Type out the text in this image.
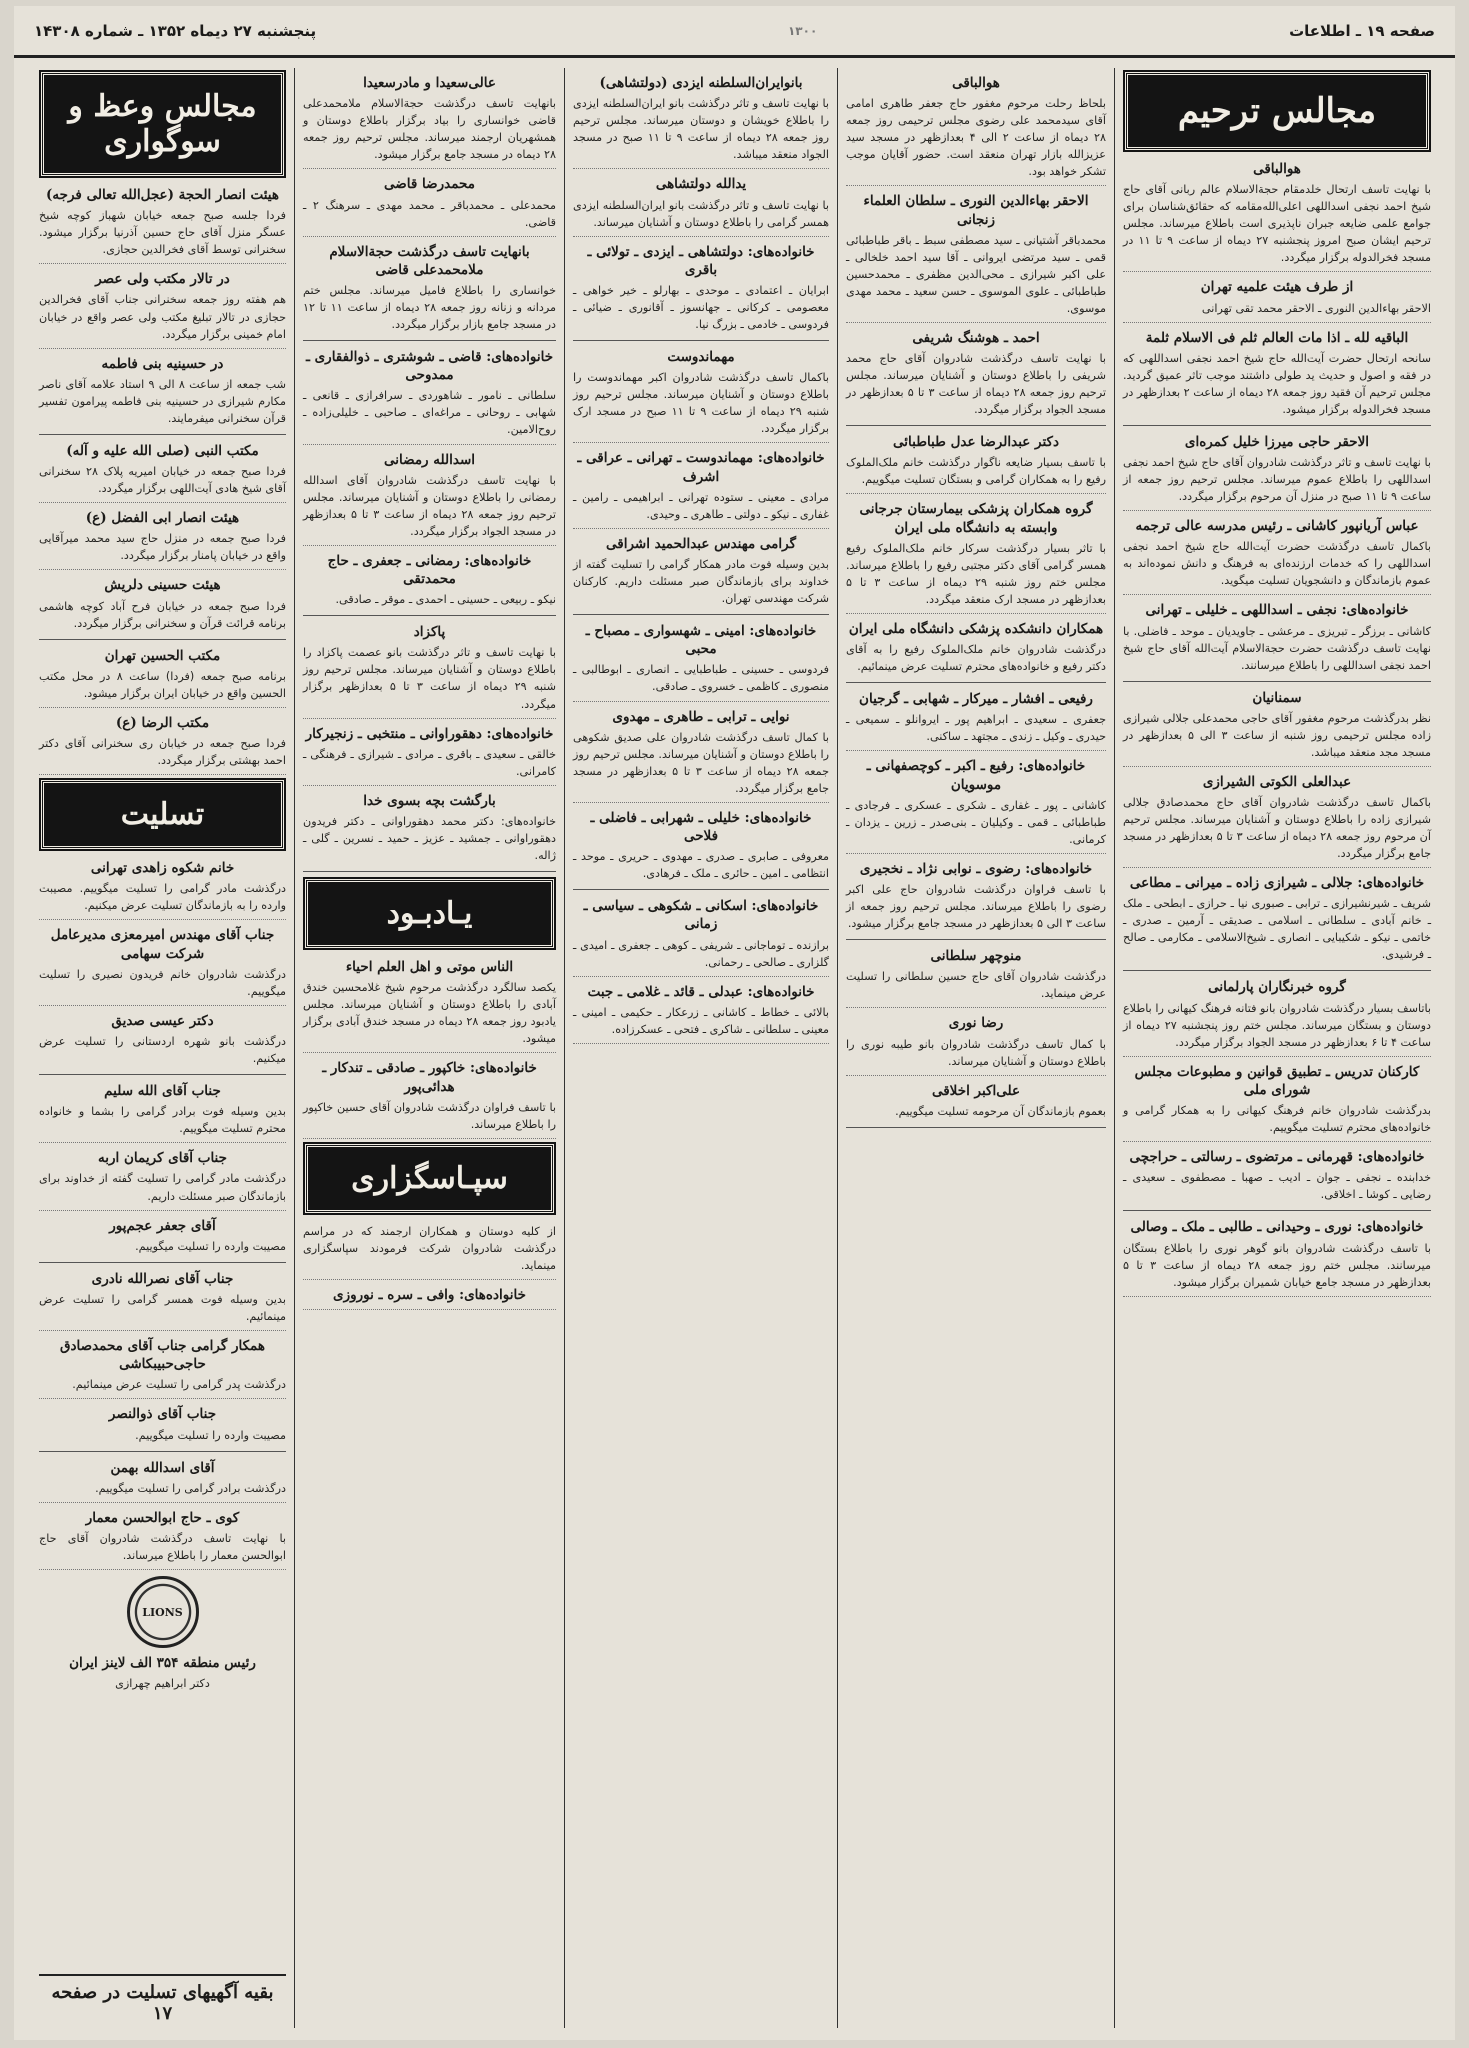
صفحه ۱۹ ـ اطلاعات
۱۳۰۰
پنجشنبه ۲۷ دیماه ۱۳۵۲ ـ شماره ۱۴۳۰۸
مجالس ترحیم
هوالباقی
با نهایت تاسف ارتحال خلدمقام حجةالاسلام عالم ربانی آقای حاج شیخ احمد نجفی اسداللهی اعلی‌الله‌مقامه که حقائق‌شناسان برای جوامع علمی ضایعه جبران ناپذیری است باطلاع میرساند. مجلس ترحیم ایشان صبح امروز پنجشنبه ۲۷ دیماه از ساعت ۹ تا ۱۱ در مسجد فخرالدوله برگزار میگردد.
از طرف هیئت علمیه تهران
الاحقر بهاءالدین النوری ـ الاحقر محمد تقی تهرانی
الباقیه لله ـ اذا مات العالم ثلم فی الاسلام ثلمة
سانحه ارتحال حضرت آیت‌الله حاج شیخ احمد نجفی اسداللهی که در فقه و اصول و حدیث ید طولی داشتند موجب تاثر عمیق گردید. مجلس ترحیم آن فقید روز جمعه ۲۸ دیماه از ساعت ۲ بعدازظهر در مسجد فخرالدوله برگزار میشود.
الاحقر حاجی میرزا خلیل کمره‌ای
با نهایت تاسف و تاثر درگذشت شادروان آقای حاج شیخ احمد نجفی اسداللهی را باطلاع عموم میرساند. مجلس ترحیم روز جمعه از ساعت ۹ تا ۱۱ صبح در منزل آن مرحوم برگزار میگردد.
عباس آریانپور کاشانی ـ رئیس مدرسه عالی ترجمه
باکمال تاسف درگذشت حضرت آیت‌الله حاج شیخ احمد نجفی اسداللهی را که خدمات ارزنده‌ای به فرهنگ و دانش نموده‌اند به عموم بازماندگان و دانشجویان تسلیت میگوید.
خانواده‌های: نجفی ـ اسداللهی ـ خلیلی ـ تهرانی
کاشانی ـ برزگر ـ تبریزی ـ مرعشی ـ جاویدیان ـ موحد ـ فاضلی. با نهایت تاسف درگذشت حضرت حجةالاسلام آیت‌الله آقای حاج شیخ احمد نجفی اسداللهی را باطلاع میرسانند.
سمنانیان
نظر بدرگذشت مرحوم مغفور آقای حاجی محمدعلی جلالی شیرازی زاده مجلس ترحیمی روز شنبه از ساعت ۳ الی ۵ بعدازظهر در مسجد مجد منعقد میباشد.
عبدالعلی الکوتی الشیرازی
باکمال تاسف درگذشت شادروان آقای حاج محمدصادق جلالی شیرازی زاده را باطلاع دوستان و آشنایان میرساند. مجلس ترحیم آن مرحوم روز جمعه ۲۸ دیماه از ساعت ۳ تا ۵ بعدازظهر در مسجد جامع برگزار میگردد.
خانواده‌های: جلالی ـ شیرازی زاده ـ میرانی ـ مطاعی
شریف ـ شیرنشیرازی ـ ترابی ـ صبوری نیا ـ حرازی ـ ابطحی ـ ملک ـ خانم آبادی ـ سلطانی ـ اسلامی ـ صدیقی ـ آرمین ـ صدری ـ خاتمی ـ نیکو ـ شکیبایی ـ انصاری ـ شیخ‌الاسلامی ـ مکارمی ـ صالح ـ فرشیدی.
گروه خبرنگاران پارلمانی
باتاسف بسیار درگذشت شادروان بانو فتانه فرهنگ کیهانی را باطلاع دوستان و بستگان میرساند. مجلس ختم روز پنجشنبه ۲۷ دیماه از ساعت ۴ تا ۶ بعدازظهر در مسجد الجواد برگزار میگردد.
کارکنان تدریس ـ تطبیق قوانین و مطبوعات مجلس شورای ملی
بدرگذشت شادروان خانم فرهنگ کیهانی را به همکار گرامی و خانواده‌های محترم تسلیت میگوییم.
خانواده‌های: قهرمانی ـ مرتضوی ـ رسالتی ـ حراجچی
خدابنده ـ نجفی ـ جوان ـ ادیب ـ صهبا ـ مصطفوی ـ سعیدی ـ رضایی ـ کوشا ـ اخلاقی.
خانواده‌های: نوری ـ وحیدانی ـ طالبی ـ ملک ـ وصالی
با تاسف درگذشت شادروان بانو گوهر نوری را باطلاع بستگان میرسانند. مجلس ختم روز جمعه ۲۸ دیماه از ساعت ۳ تا ۵ بعدازظهر در مسجد جامع خیابان شمیران برگزار میشود.
هوالباقی
بلحاظ رحلت مرحوم مغفور حاج جعفر طاهری امامی آقای سیدمحمد علی رضوی مجلس ترحیمی روز جمعه ۲۸ دیماه از ساعت ۲ الی ۴ بعدازظهر در مسجد سید عزیزالله بازار تهران منعقد است. حضور آقایان موجب تشکر خواهد بود.
الاحقر بهاءالدین النوری ـ سلطان العلماء زنجانی
محمدباقر آشتیانی ـ سید مصطفی سبط ـ باقر طباطبائی قمی ـ سید مرتضی ایروانی ـ آقا سید احمد خلخالی ـ علی اکبر شیرازی ـ محی‌الدین مظفری ـ محمدحسین طباطبائی ـ علوی الموسوی ـ حسن سعید ـ محمد مهدی موسوی.
احمد ـ هوشنگ شریفی
با نهایت تاسف درگذشت شادروان آقای حاج محمد شریفی را باطلاع دوستان و آشنایان میرساند. مجلس ترحیم روز جمعه ۲۸ دیماه از ساعت ۳ تا ۵ بعدازظهر در مسجد الجواد برگزار میگردد.
دکتر عبدالرضا عدل طباطبائی
با تاسف بسیار ضایعه ناگوار درگذشت خانم ملک‌الملوک رفیع را به همکاران گرامی و بستگان تسلیت میگوییم.
گروه همکاران پزشکی بیمارستان جرجانی وابسته به دانشگاه ملی ایران
با تاثر بسیار درگذشت سرکار خانم ملک‌الملوک رفیع همسر گرامی آقای دکتر مجتبی رفیع را باطلاع میرساند. مجلس ختم روز شنبه ۲۹ دیماه از ساعت ۳ تا ۵ بعدازظهر در مسجد ارک منعقد میگردد.
همکاران دانشکده پزشکی دانشگاه ملی ایران
درگذشت شادروان خانم ملک‌الملوک رفیع را به آقای دکتر رفیع و خانواده‌های محترم تسلیت عرض مینمائیم.
رفیعی ـ افشار ـ میرکار ـ شهابی ـ گرجیان
جعفری ـ سعیدی ـ ابراهیم پور ـ ایروانلو ـ سمیعی ـ حیدری ـ وکیل ـ زندی ـ مجتهد ـ ساکنی.
خانواده‌های: رفیع ـ اکبر ـ کوچصفهانی ـ موسویان
کاشانی ـ پور ـ غفاری ـ شکری ـ عسکری ـ فرجادی ـ طباطبائی ـ قمی ـ وکیلیان ـ بنی‌صدر ـ زرین ـ یزدان ـ کرمانی.
خانواده‌های: رضوی ـ نوابی نژاد ـ نخجیری
با تاسف فراوان درگذشت شادروان حاج علی اکبر رضوی را باطلاع میرساند. مجلس ترحیم روز جمعه از ساعت ۳ الی ۵ بعدازظهر در مسجد جامع برگزار میشود.
منوچهر سلطانی
درگذشت شادروان آقای حاج حسین سلطانی را تسلیت عرض مینماید.
رضا نوری
با کمال تاسف درگذشت شادروان بانو طیبه نوری را باطلاع دوستان و آشنایان میرساند.
علی‌اکبر اخلاقی
بعموم بازماندگان آن مرحومه تسلیت میگوییم.
بانوایران‌السلطنه ایزدی (دولتشاهی)
با نهایت تاسف و تاثر درگذشت بانو ایران‌السلطنه ایزدی را باطلاع خویشان و دوستان میرساند. مجلس ترحیم روز جمعه ۲۸ دیماه از ساعت ۹ تا ۱۱ صبح در مسجد الجواد منعقد میباشد.
یدالله دولتشاهی
با نهایت تاسف و تاثر درگذشت بانو ایران‌السلطنه ایزدی همسر گرامی را باطلاع دوستان و آشنایان میرساند.
خانواده‌های: دولتشاهی ـ ایزدی ـ تولائی ـ باقری
ابرایان ـ اعتمادی ـ موحدی ـ بهارلو ـ خیر خواهی ـ معصومی ـ کرکانی ـ جهانسوز ـ آقانوری ـ ضیائی ـ فردوسی ـ خادمی ـ بزرگ نیا.
مهماندوست
باکمال تاسف درگذشت شادروان اکبر مهماندوست را باطلاع دوستان و آشنایان میرساند. مجلس ترحیم روز شنبه ۲۹ دیماه از ساعت ۹ تا ۱۱ صبح در مسجد ارک برگزار میگردد.
خانواده‌های: مهماندوست ـ تهرانی ـ عراقی ـ اشرف
مرادی ـ معینی ـ ستوده تهرانی ـ ابراهیمی ـ رامین ـ غفاری ـ نیکو ـ دولتی ـ طاهری ـ وحیدی.
گرامی مهندس عبدالحمید اشراقی
بدین وسیله فوت مادر همکار گرامی را تسلیت گفته از خداوند برای بازماندگان صبر مسئلت داریم. کارکنان شرکت مهندسی تهران.
خانواده‌های: امینی ـ شهسواری ـ مصباح ـ محبی
فردوسی ـ حسینی ـ طباطبایی ـ انصاری ـ ابوطالبی ـ منصوری ـ کاظمی ـ خسروی ـ صادقی.
نوایی ـ ترابی ـ طاهری ـ مهدوی
با کمال تاسف درگذشت شادروان علی صدیق شکوهی را باطلاع دوستان و آشنایان میرساند. مجلس ترحیم روز جمعه ۲۸ دیماه از ساعت ۳ تا ۵ بعدازظهر در مسجد جامع برگزار میگردد.
خانواده‌های: خلیلی ـ شهرابی ـ فاضلی ـ فلاحی
معروفی ـ صابری ـ صدری ـ مهدوی ـ حریری ـ موحد ـ انتظامی ـ امین ـ حائری ـ ملک ـ فرهادی.
خانواده‌های: اسکانی ـ شکوهی ـ سیاسی ـ زمانی
برازنده ـ توماجانی ـ شریفی ـ کوهی ـ جعفری ـ امیدی ـ گلزاری ـ صالحی ـ رحمانی.
خانواده‌های: عبدلی ـ قائد ـ غلامی ـ جبت
بالائی ـ خطاط ـ کاشانی ـ زرعکار ـ حکیمی ـ امینی ـ معینی ـ سلطانی ـ شاکری ـ فتحی ـ عسکرزاده.
عالی‌سعیدا و مادرسعیدا
بانهایت تاسف درگذشت حجةالاسلام ملامحمدعلی قاضی خوانساری را بیاد برگزار باطلاع دوستان و همشهریان ارجمند میرساند. مجلس ترحیم روز جمعه ۲۸ دیماه در مسجد جامع برگزار میشود.
محمدرضا قاضی
محمدعلی ـ محمدباقر ـ محمد مهدی ـ سرهنگ ۲ ـ قاضی.
بانهایت تاسف درگذشت حجةالاسلام ملامحمدعلی قاضی
خوانساری را باطلاع فامیل میرساند. مجلس ختم مردانه و زنانه روز جمعه ۲۸ دیماه از ساعت ۱۱ تا ۱۲ در مسجد جامع بازار برگزار میگردد.
خانواده‌های: قاضی ـ شوشتری ـ ذوالفقاری ـ ممدوحی
سلطانی ـ نامور ـ شاهوردی ـ سرافرازی ـ قانعی ـ شهابی ـ روحانی ـ مراغه‌ای ـ صاحبی ـ خلیلی‌زاده ـ روح‌الامین.
اسدالله رمضانی
با نهایت تاسف درگذشت شادروان آقای اسدالله رمضانی را باطلاع دوستان و آشنایان میرساند. مجلس ترحیم روز جمعه ۲۸ دیماه از ساعت ۳ تا ۵ بعدازظهر در مسجد الجواد برگزار میگردد.
خانواده‌های: رمضانی ـ جعفری ـ حاج محمدتقی
نیکو ـ ربیعی ـ حسینی ـ احمدی ـ موقر ـ صادقی.
پاکزاد
با نهایت تاسف و تاثر درگذشت بانو عصمت پاکزاد را باطلاع دوستان و آشنایان میرساند. مجلس ترحیم روز شنبه ۲۹ دیماه از ساعت ۳ تا ۵ بعدازظهر برگزار میگردد.
خانواده‌های: دهقوراوانی ـ منتخبی ـ زنجیرکار
خالقی ـ سعیدی ـ باقری ـ مرادی ـ شیرازی ـ فرهنگی ـ کامرانی.
بارگشت بچه بسوی خدا
خانواده‌های: دکتر محمد دهقوراوانی ـ دکتر فریدون دهقوراوانی ـ جمشید ـ عزیز ـ حمید ـ نسرین ـ گلی ـ ژاله.
یـادبـود
الناس موتی و اهل العلم احیاء
یکصد سالگرد درگذشت مرحوم شیخ غلامحسین خندق آبادی را باطلاع دوستان و آشنایان میرساند. مجلس یادبود روز جمعه ۲۸ دیماه در مسجد خندق آبادی برگزار میشود.
خانواده‌های: خاکپور ـ صادقی ـ تندکار ـ هدائی‌پور
با تاسف فراوان درگذشت شادروان آقای حسین خاکپور را باطلاع میرساند.
سپـاسگزاری
از کلیه دوستان و همکاران ارجمند که در مراسم درگذشت شادروان شرکت فرمودند سپاسگزاری مینماید.
خانواده‌های: وافی ـ سره ـ نوروزی
مجالس وعظ و سوگواری
هیئت انصار الحجة (عجل‌الله تعالی فرجه)
فردا جلسه صبح جمعه خیابان شهباز کوچه شیخ عسگر منزل آقای حاج حسین آذرنیا برگزار میشود. سخنرانی توسط آقای فخرالدین حجازی.
در تالار مکتب ولی عصر
هم هفته روز جمعه سخنرانی جناب آقای فخرالدین حجازی در تالار تبلیغ مکتب ولی عصر واقع در خیابان امام خمینی برگزار میگردد.
در حسینیه بنی فاطمه
شب جمعه از ساعت ۸ الی ۹ استاد علامه آقای ناصر مکارم شیرازی در حسینیه بنی فاطمه پیرامون تفسیر قرآن سخنرانی میفرمایند.
مکتب النبی (صلی الله علیه و آله)
فردا صبح جمعه در خیابان امیریه پلاک ۲۸ سخنرانی آقای شیخ هادی آیت‌اللهی برگزار میگردد.
هیئت انصار ابی الفضل (ع)
فردا صبح جمعه در منزل حاج سید محمد میرآقایی واقع در خیابان پامنار برگزار میگردد.
هیئت حسینی دلریش
فردا صبح جمعه در خیابان فرح آباد کوچه هاشمی برنامه قرائت قرآن و سخنرانی برگزار میگردد.
مکتب الحسین تهران
برنامه صبح جمعه (فردا) ساعت ۸ در محل مکتب الحسین واقع در خیابان ایران برگزار میشود.
مکتب الرضا (ع)
فردا صبح جمعه در خیابان ری سخنرانی آقای دکتر احمد بهشتی برگزار میگردد.
تسلیت
خانم شکوه زاهدی تهرانی
درگذشت مادر گرامی را تسلیت میگوییم. مصیبت وارده را به بازماندگان تسلیت عرض میکنیم.
جناب آقای مهندس امیرمعزی مدیرعامل شرکت سهامی
درگذشت شادروان خانم فریدون نصیری را تسلیت میگوییم.
دکتر عیسی صدیق
درگذشت بانو شهره اردستانی را تسلیت عرض میکنیم.
جناب آقای الله‌ سلیم
بدین وسیله فوت برادر گرامی را بشما و خانواده محترم تسلیت میگوییم.
جناب آقای کریمان اربه
درگذشت مادر گرامی را تسلیت گفته از خداوند برای بازماندگان صبر مسئلت داریم.
آقای جعفر عجم‌پور
مصیبت وارده را تسلیت میگوییم.
جناب آقای نصرالله نادری
بدین وسیله فوت همسر گرامی را تسلیت عرض مینمائیم.
همکار گرامی جناب آقای محمدصادق حاجی‌حبیبکاشی
درگذشت پدر گرامی را تسلیت عرض مینمائیم.
جناب آقای ذوالنصر
مصیبت وارده را تسلیت میگوییم.
آقای اسدالله بهمن
درگذشت برادر گرامی را تسلیت میگوییم.
کوی ـ حاج ابوالحسن معمار
با نهایت تاسف درگذشت شادروان آقای حاج ابوالحسن معمار را باطلاع میرساند.
LIONS
رئیس منطقه ۳۵۴ الف لاینز ایران
دکتر ابراهیم چهرازی
بقیه آگهیهای تسلیت در صفحه ۱۷
